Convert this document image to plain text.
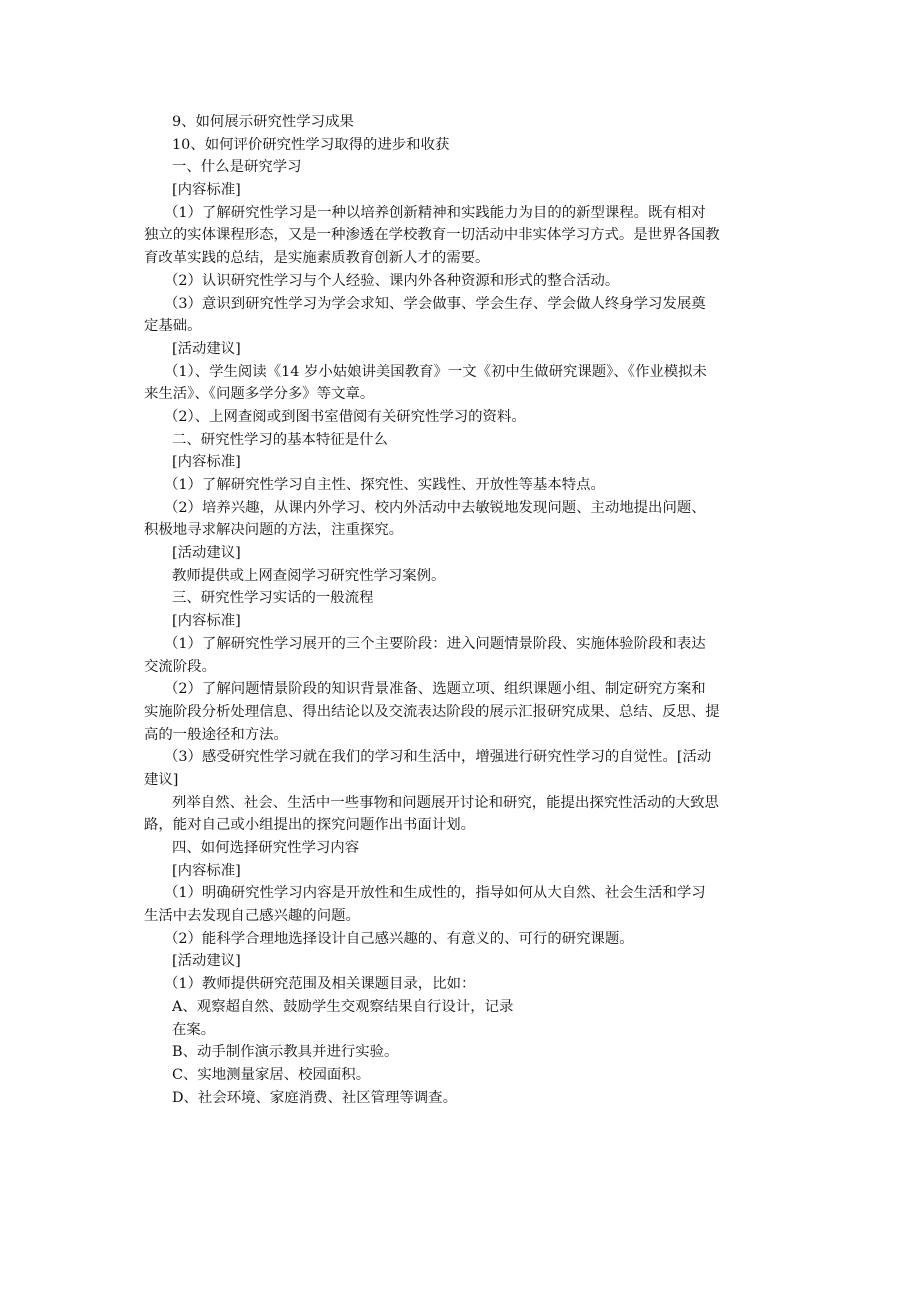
9、如何展示研究性学习成果
10、如何评价研究性学习取得的进步和收获
一、什么是研究学习
[内容标准]
（1）了解研究性学习是一种以培养创新精神和实践能力为目的的新型课程。既有相对
独立的实体课程形态，又是一种渗透在学校教育一切活动中非实体学习方式。是世界各国教
育改革实践的总结，是实施素质教育创新人才的需要。
（2）认识研究性学习与个人经验、课内外各种资源和形式的整合活动。
（3）意识到研究性学习为学会求知、学会做事、学会生存、学会做人终身学习发展奠
定基础。
[活动建议]
（1）、学生阅读《14 岁小姑娘讲美国教育》一文《初中生做研究课题》、《作业模拟未
来生活》、《问题多学分多》等文章。
（2）、上网查阅或到图书室借阅有关研究性学习的资料。
二、研究性学习的基本特征是什么
[内容标准]
（1）了解研究性学习自主性、探究性、实践性、开放性等基本特点。
（2）培养兴趣，从课内外学习、校内外活动中去敏锐地发现问题、主动地提出问题、
积极地寻求解决问题的方法，注重探究。
[活动建议]
教师提供或上网查阅学习研究性学习案例。
三、研究性学习实话的一般流程
[内容标准]
（1）了解研究性学习展开的三个主要阶段：进入问题情景阶段、实施体验阶段和表达
交流阶段。
（2）了解问题情景阶段的知识背景准备、选题立项、组织课题小组、制定研究方案和
实施阶段分析处理信息、得出结论以及交流表达阶段的展示汇报研究成果、总结、反思、提
高的一般途径和方法。
（3）感受研究性学习就在我们的学习和生活中，增强进行研究性学习的自觉性。[活动
建议]
列举自然、社会、生活中一些事物和问题展开讨论和研究，能提出探究性活动的大致思
路，能对自己或小组提出的探究问题作出书面计划。
四、如何选择研究性学习内容
[内容标准]
（1）明确研究性学习内容是开放性和生成性的，指导如何从大自然、社会生活和学习
生活中去发现自己感兴趣的问题。
（2）能科学合理地选择设计自己感兴趣的、有意义的、可行的研究课题。
[活动建议]
（1）教师提供研究范围及相关课题目录，比如：
A、观察超自然、鼓励学生交观察结果自行设计，记录
在案。
B、动手制作演示教具并进行实验。
C、实地测量家居、校园面积。
D、社会环境、家庭消费、社区管理等调查。
